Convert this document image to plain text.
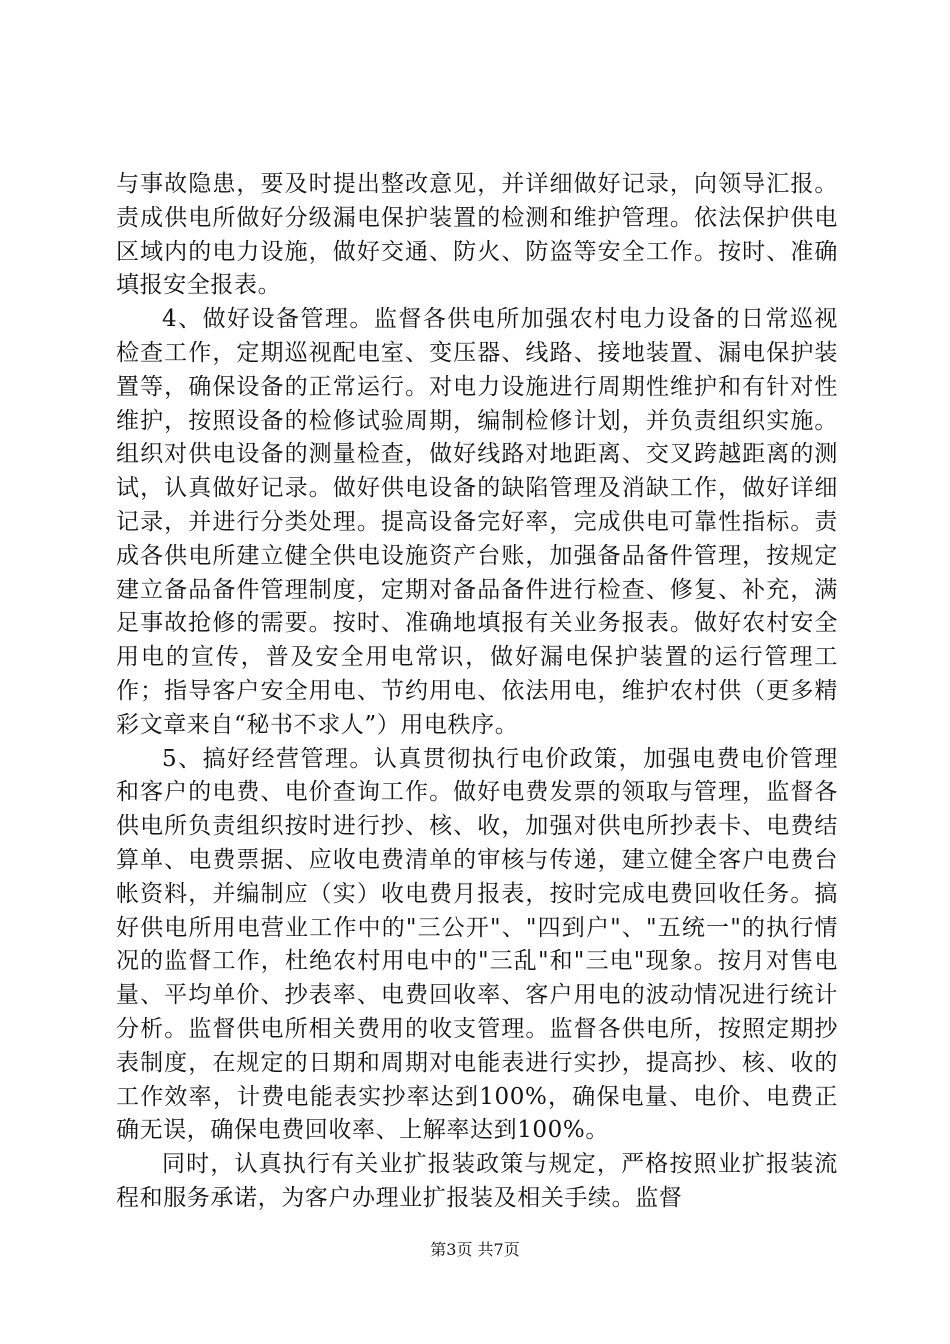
与事故隐患，要及时提出整改意见，并详细做好记录，向领导汇报。责成供电所做好分级漏电保护装置的检测和维护管理。依法保护供电区域内的电力设施，做好交通、防火、防盗等安全工作。按时、准确填报安全报表。

4、做好设备管理。监督各供电所加强农村电力设备的日常巡视检查工作，定期巡视配电室、变压器、线路、接地装置、漏电保护装置等，确保设备的正常运行。对电力设施进行周期性维护和有针对性维护，按照设备的检修试验周期，编制检修计划，并负责组织实施。组织对供电设备的测量检查，做好线路对地距离、交叉跨越距离的测试，认真做好记录。做好供电设备的缺陷管理及消缺工作，做好详细记录，并进行分类处理。提高设备完好率，完成供电可靠性指标。责成各供电所建立健全供电设施资产台账，加强备品备件管理，按规定建立备品备件管理制度，定期对备品备件进行检查、修复、补充，满足事故抢修的需要。按时、准确地填报有关业务报表。做好农村安全用电的宣传，普及安全用电常识，做好漏电保护装置的运行管理工作；指导客户安全用电、节约用电、依法用电，维护农村供（更多精彩文章来自“秘书不求人”）用电秩序。

5、搞好经营管理。认真贯彻执行电价政策，加强电费电价管理和客户的电费、电价查询工作。做好电费发票的领取与管理，监督各供电所负责组织按时进行抄、核、收，加强对供电所抄表卡、电费结算单、电费票据、应收电费清单的审核与传递，建立健全客户电费台帐资料，并编制应（实）收电费月报表，按时完成电费回收任务。搞好供电所用电营业工作中的"三公开"、"四到户"、"五统一"的执行情况的监督工作，杜绝农村用电中的"三乱"和"三电"现象。按月对售电量、平均单价、抄表率、电费回收率、客户用电的波动情况进行统计分析。监督供电所相关费用的收支管理。监督各供电所，按照定期抄表制度，在规定的日期和周期对电能表进行实抄，提高抄、核、收的工作效率，计费电能表实抄率达到100%，确保电量、电价、电费正确无误，确保电费回收率、上解率达到100%。

同时，认真执行有关业扩报装政策与规定，严格按照业扩报装流程和服务承诺，为客户办理业扩报装及相关手续。监督

第3页 共7页
